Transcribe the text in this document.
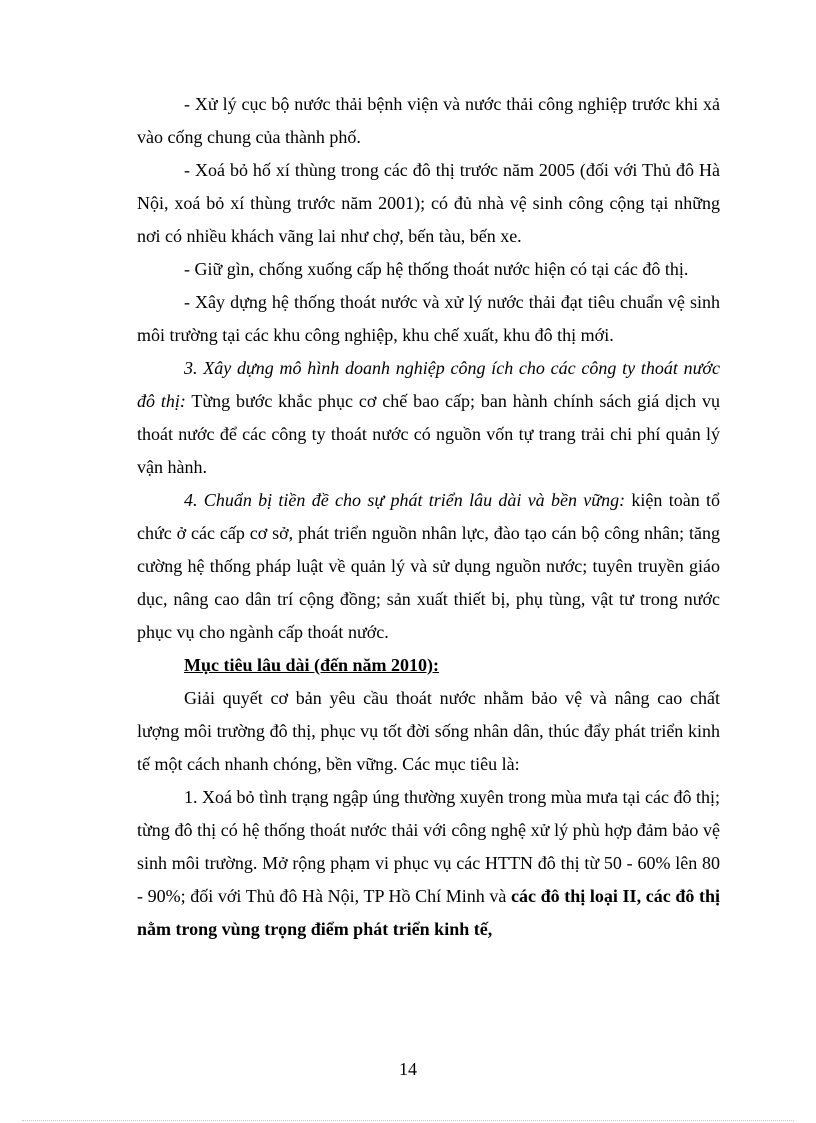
- Xử lý cục bộ nước thải bệnh viện và nước thải công nghiệp trước khi xả vào cống chung của thành phố.

- Xoá bỏ hố xí thùng trong các đô thị trước năm 2005 (đối với Thủ đô Hà Nội, xoá bỏ xí thùng trước năm 2001); có đủ nhà vệ sinh công cộng tại những nơi có nhiều khách vãng lai như chợ, bến tàu, bến xe.

- Giữ gìn, chống xuống cấp hệ thống thoát nước hiện có tại các đô thị.

- Xây dựng hệ thống thoát nước và xử lý nước thải đạt tiêu chuẩn vệ sinh môi trường tại các khu công nghiệp, khu chế xuất, khu đô thị mới.

3. Xây dựng mô hình doanh nghiệp công ích cho các công ty thoát nước đô thị: Từng bước khắc phục cơ chế bao cấp; ban hành chính sách giá dịch vụ thoát nước để các công ty thoát nước có nguồn vốn tự trang trải chi phí quản lý vận hành.

4. Chuẩn bị tiền đề cho sự phát triển lâu dài và bền vững: kiện toàn tổ chức ở các cấp cơ sở, phát triển nguồn nhân lực, đào tạo cán bộ công nhân; tăng cường hệ thống pháp luật về quản lý và sử dụng nguồn nước; tuyên truyền giáo dục, nâng cao dân trí cộng đồng; sản xuất thiết bị, phụ tùng, vật tư trong nước phục vụ cho ngành cấp thoát nước.

Mục tiêu lâu dài (đến năm 2010):

Giải quyết cơ bản yêu cầu thoát nước nhằm bảo vệ và nâng cao chất lượng môi trường đô thị, phục vụ tốt đời sống nhân dân, thúc đẩy phát triển kinh tế một cách nhanh chóng, bền vững. Các mục tiêu là:

1. Xoá bỏ tình trạng ngập úng thường xuyên trong mùa mưa tại các đô thị; từng đô thị có hệ thống thoát nước thải với công nghệ xử lý phù hợp đảm bảo vệ sinh môi trường. Mở rộng phạm vi phục vụ các HTTN đô thị từ 50 - 60% lên 80 - 90%; đối với Thủ đô Hà Nội, TP Hồ Chí Minh và các đô thị loại II, các đô thị nằm trong vùng trọng điểm phát triển kinh tế,

14
